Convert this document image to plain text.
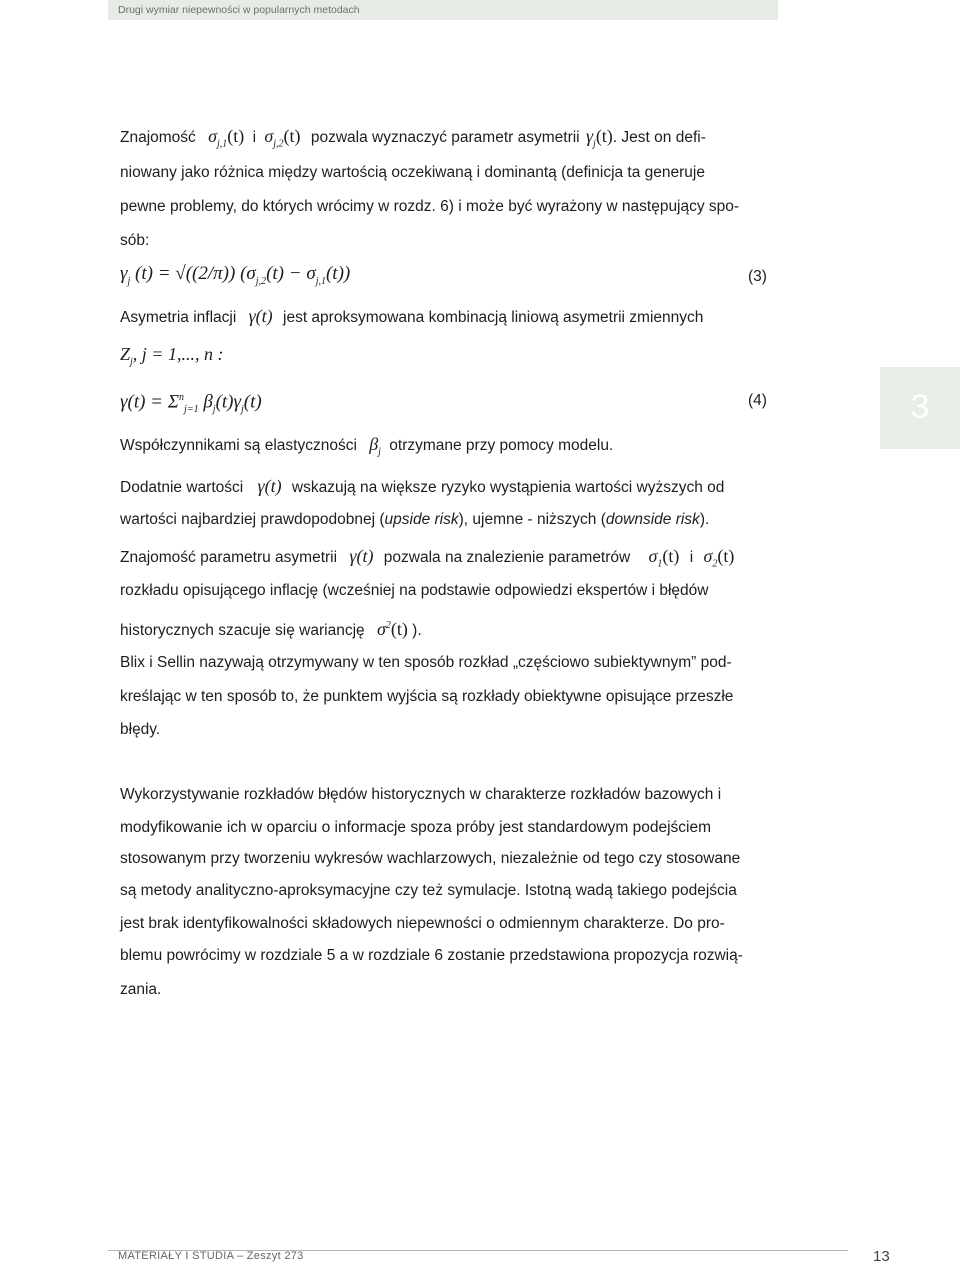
Drugi wymiar niepewności w popularnych metodach
3
Znajomość $\sigma_{j,1}(t)$ i $\sigma_{j,2}(t)$ pozwala wyznaczyć parametr asymetrii $\gamma_j(t)$. Jest on defi-
niowany jako różnica między wartością oczekiwaną i dominantą (definicja ta generuje
pewne problemy, do których wrócimy w rozdz. 6) i może być wyrażony w następujący spo-
sób:
$\gamma_j$ (t) = √((2/π)) $(\sigma_{j,2}(t) - \sigma_{j,1}(t))$	(3)
Asymetria inflacji γ(t) jest aproksymowana kombinacją liniową asymetrii zmiennych
$Z_j$, j = 1,..., n :
$\gamma(t) = \Sigma^n_{j=1}$ $\beta_j(t)\gamma_j(t)$	(4)
Współczynnikami są elastyczności $\beta_j$ otrzymane przy pomocy modelu.
Dodatnie wartości γ(t) wskazują na większe ryzyko wystąpienia wartości wyższych od
wartości najbardziej prawdopodobnej (upside risk), ujemne - niższych (downside risk).
Znajomość parametru asymetrii γ(t) pozwala na znalezienie parametrów $\sigma_1(t)$ i $\sigma_2(t)$
rozkładu opisującego inflację (wcześniej na podstawie odpowiedzi ekspertów i błędów
historycznych szacuje się wariancję $\sigma^2(t)$ ).
Blix i Sellin nazywają otrzymywany w ten sposób rozkład „częściowo subiektywnym” pod-
kreślając w ten sposób to, że punktem wyjścia są rozkłady obiektywne opisujące przeszłe
błędy.
Wykorzystywanie rozkładów błędów historycznych w charakterze rozkładów bazowych i
modyfikowanie ich w oparciu o informacje spoza próby jest standardowym podejściem
stosowanym przy tworzeniu wykresów wachlarzowych, niezależnie od tego czy stosowane
są metody analityczno-aproksymacyjne czy też symulacje. Istotną wadą takiego podejścia
jest brak identyfikowalności składowych niepewności o odmiennym charakterze. Do pro-
blemu powrócimy w rozdziale 5 a w rozdziale 6 zostanie przedstawiona propozycja rozwią-
zania.
MATERIAŁY I STUDIA – Zeszyt 273	13
